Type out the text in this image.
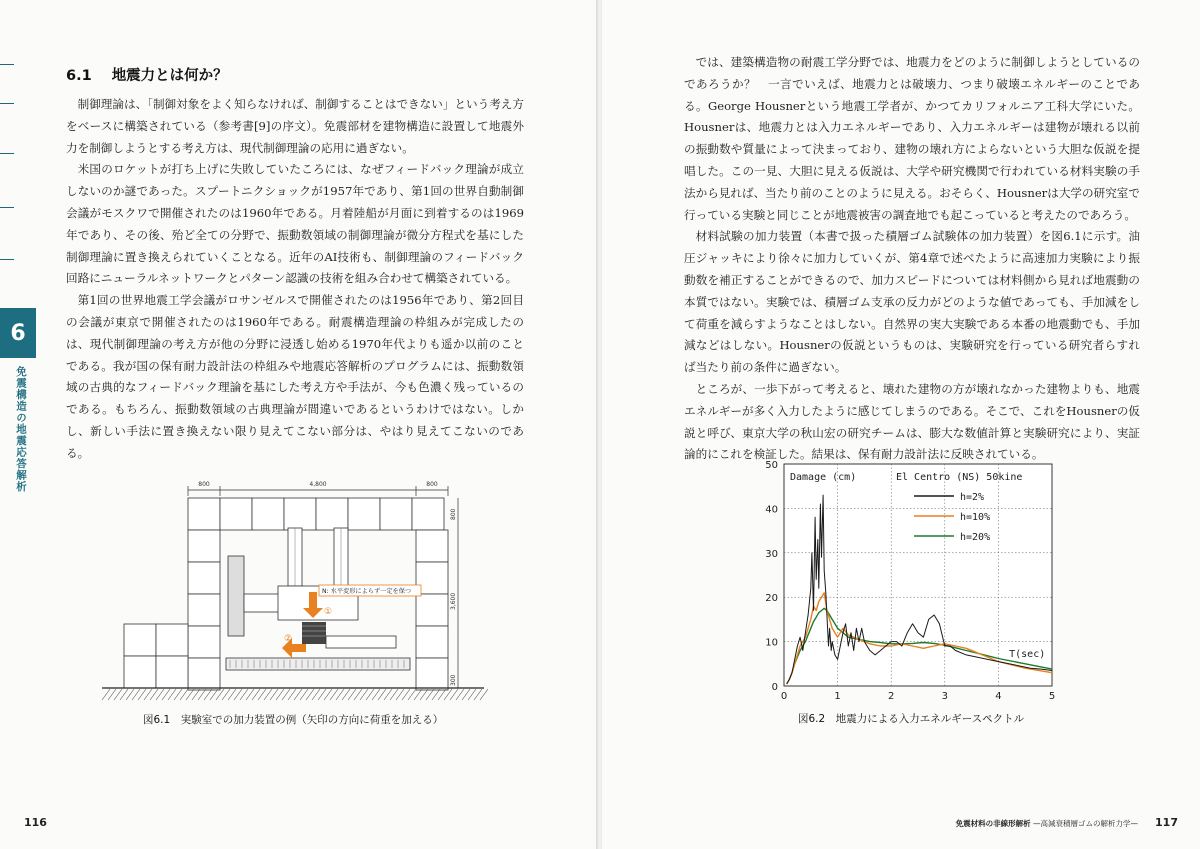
6
免震構造の地震応答解析
6.1 地震力とは何か？

制御理論は、「制御対象をよく知らなければ、制御することはできない」という考え方をベースに構築されている（参考書[9]の序文）。免震部材を建物構造に設置して地震外力を制御しようとする考え方は、現代制御理論の応用に過ぎない。

米国のロケットが打ち上げに失敗していたころには、なぜフィードバック理論が成立しないのか謎であった。スプートニクショックが1957年であり、第1回の世界自動制御会議がモスクワで開催されたのは1960年である。月着陸船が月面に到着するのは1969年であり、その後、殆ど全ての分野で、振動数領域の制御理論が微分方程式を基にした制御理論に置き換えられていくことなる。近年のAI技術も、制御理論のフィードバック回路にニューラルネットワークとパターン認識の技術を組み合わせて構築されている。

第1回の世界地震工学会議がロサンゼルスで開催されたのは1956年であり、第2回目の会議が東京で開催されたのは1960年である。耐震構造理論の枠組みが完成したのは、現代制御理論の考え方が他の分野に浸透し始める1970年代よりも遥か以前のことである。我が国の保有耐力設計法の枠組みや地震応答解析のプログラムには、振動数領域の古典的なフィードバック理論を基にした考え方や手法が、今も色濃く残っているのである。もちろん、振動数領域の古典理論が間違いであるというわけではない。しかし、新しい手法に置き換えない限り見えてこない部分は、やはり見えてこないのである。

800	4,800	800
800
3,600
300
N: 水平変形によらず一定を保つ
①
②
図6.1　実験室での加力装置の例（矢印の方向に荷重を加える）
116

では、建築構造物の耐震工学分野では、地震力をどのように制御しようとしているのであろうか？　一言でいえば、地震力とは破壊力、つまり破壊エネルギーのことである。George Housnerという地震工学者が、かつてカリフォルニア工科大学にいた。Housnerは、地震力とは入力エネルギーであり、入力エネルギーは建物が壊れる以前の振動数や質量によって決まっており、建物の壊れ方によらないという大胆な仮説を提唱した。この一見、大胆に見える仮説は、大学や研究機関で行われている材料実験の手法から見れば、当たり前のことのように見える。おそらく、Housnerは大学の研究室で行っている実験と同じことが地震被害の調査地でも起こっていると考えたのであろう。

材料試験の加力装置（本書で扱った積層ゴム試験体の加力装置）を図6.1に示す。油圧ジャッキにより徐々に加力していくが、第4章で述べたように高速加力実験により振動数を補正することができるので、加力スピードについては材料側から見れば地震動の本質ではない。実験では、積層ゴム支承の反力がどのような値であっても、手加減をして荷重を減らすようなことはしない。自然界の実大実験である本番の地震動でも、手加減などはしない。Housnerの仮説というものは、実験研究を行っている研究者らすれば当たり前の条件に過ぎない。

ところが、一歩下がって考えると、壊れた建物の方が壊れなかった建物よりも、地震エネルギーが多く入力したように感じてしまうのである。そこで、これをHousnerの仮説と呼び、東京大学の秋山宏の研究チームは、膨大な数値計算と実験研究により、実証論的にこれを検証した。結果は、保有耐力設計法に反映されている。

0	1	2	3	4	5
0
10
20
30
40
50
h=2%
h=10%
h=20%
El Centro (NS) 50kine
Damage (cm)
T(sec)
図6.2　地震力による入力エネルギースペクトル
免震材料の非線形解析 —高減衰積層ゴムの解析力学— 117
